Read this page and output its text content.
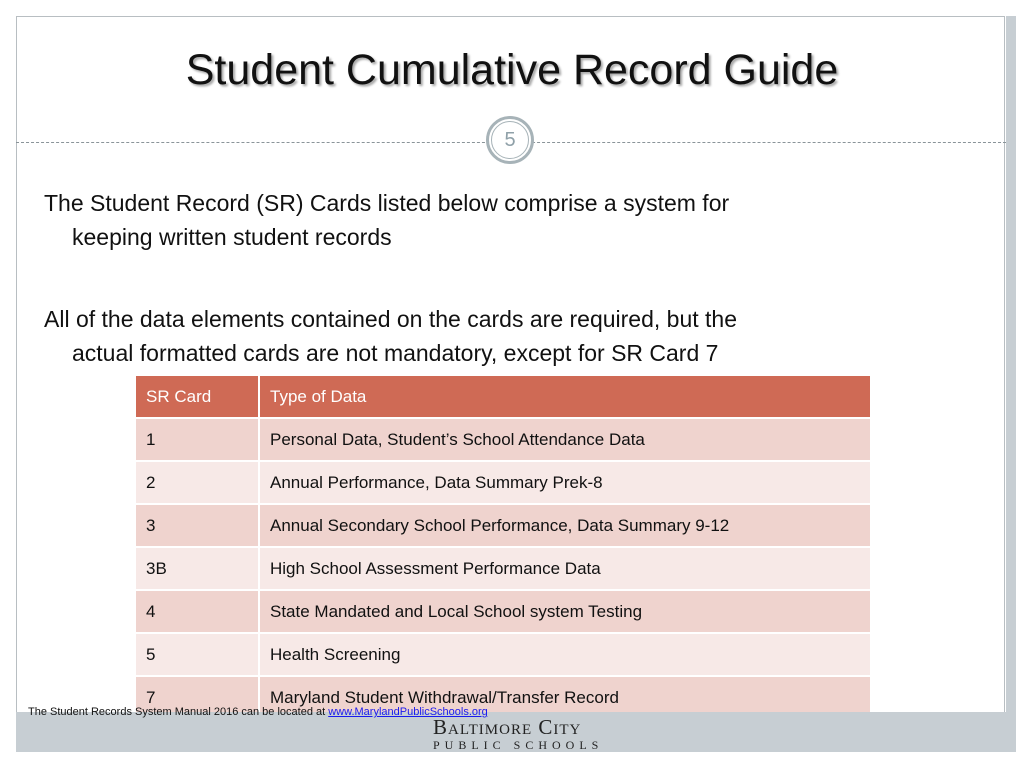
Student Cumulative Record Guide
5
The Student Record (SR) Cards listed below comprise a system for
keeping written student records
All of the data elements contained on the cards are required, but the
actual formatted cards are not mandatory, except for SR Card 7
SR Card	Type of Data
1	Personal Data, Student’s School Attendance Data
2	Annual Performance, Data Summary Prek-8
3	Annual Secondary School Performance, Data Summary 9-12
3B	High School Assessment Performance Data
4	State Mandated and Local School system Testing
5	Health Screening
7	Maryland Student Withdrawal/Transfer Record
The Student Records System Manual 2016 can be located at www.MarylandPublicSchools.org
Baltimore City
PUBLIC SCHOOLS
